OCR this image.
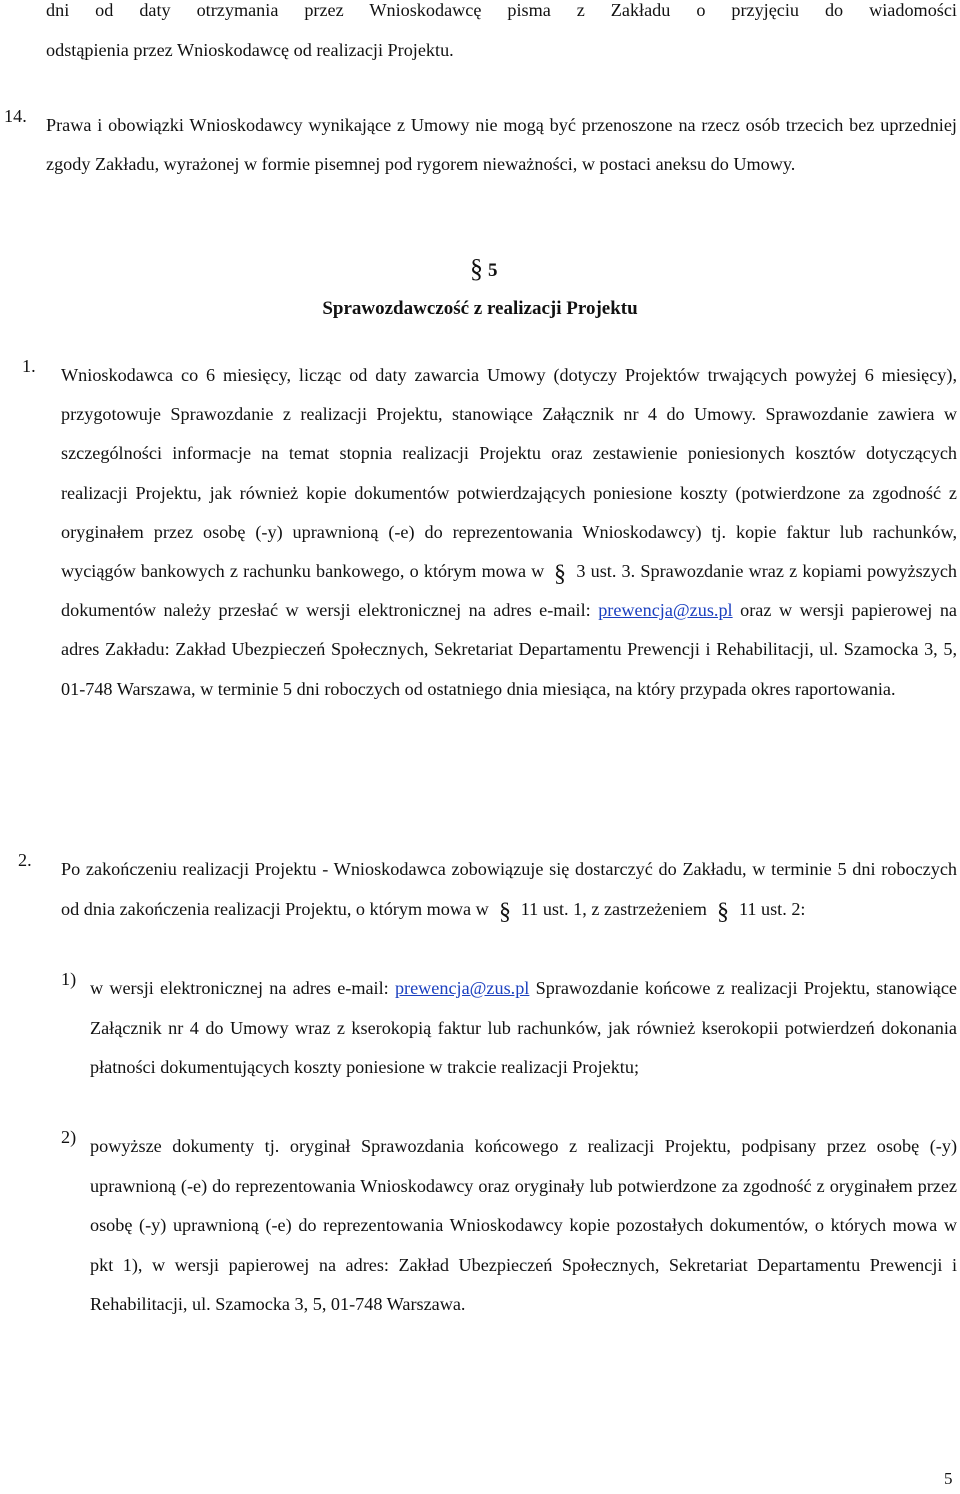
dni od daty otrzymania przez Wnioskodawcę pisma z Zakładu o przyjęciu do wiadomości
odstąpienia przez Wnioskodawcę od realizacji Projektu.
14. Prawa i obowiązki Wnioskodawcy wynikające z Umowy nie mogą być przenoszone na rzecz osób trzecich bez uprzedniej zgody Zakładu, wyrażonej w formie pisemnej pod rygorem nieważności, w postaci aneksu do Umowy.

§ 5
Sprawozdawczość z realizacji Projektu
1. Wnioskodawca co 6 miesięcy, licząc od daty zawarcia Umowy (dotyczy Projektów trwających powyżej 6 miesięcy), przygotowuje Sprawozdanie z realizacji Projektu, stanowiące Załącznik nr 4 do Umowy. Sprawozdanie zawiera w szczególności informacje na temat stopnia realizacji Projektu oraz zestawienie poniesionych kosztów dotyczących realizacji Projektu, jak również kopie dokumentów potwierdzających poniesione koszty (potwierdzone za zgodność z oryginałem przez osobę (-y) uprawnioną (-e) do reprezentowania Wnioskodawcy) tj. kopie faktur lub rachunków, wyciągów bankowych z rachunku bankowego, o którym mowa w § 3 ust. 3. Sprawozdanie wraz z kopiami powyższych dokumentów należy przesłać w wersji elektronicznej na adres e-mail: prewencja@zus.pl oraz w wersji papierowej na adres Zakładu: Zakład Ubezpieczeń Społecznych, Sekretariat Departamentu Prewencji i Rehabilitacji, ul. Szamocka 3, 5, 01-748 Warszawa, w terminie 5 dni roboczych od ostatniego dnia miesiąca, na który przypada okres raportowania.

2. Po zakończeniu realizacji Projektu - Wnioskodawca zobowiązuje się dostarczyć do Zakładu, w terminie 5 dni roboczych od dnia zakończenia realizacji Projektu, o którym mowa w § 11 ust. 1, z zastrzeżeniem § 11 ust. 2:

1) w wersji elektronicznej na adres e-mail: prewencja@zus.pl Sprawozdanie końcowe z realizacji Projektu, stanowiące Załącznik nr 4 do Umowy wraz z kserokopią faktur lub rachunków, jak również kserokopii potwierdzeń dokonania płatności dokumentujących koszty poniesione w trakcie realizacji Projektu;

2) powyższe dokumenty tj. oryginał Sprawozdania końcowego z realizacji Projektu, podpisany przez osobę (-y) uprawnioną (-e) do reprezentowania Wnioskodawcy oraz oryginały lub potwierdzone za zgodność z oryginałem przez osobę (-y) uprawnioną (-e) do reprezentowania Wnioskodawcy kopie pozostałych dokumentów, o których mowa w pkt 1), w wersji papierowej na adres: Zakład Ubezpieczeń Społecznych, Sekretariat Departamentu Prewencji i Rehabilitacji, ul. Szamocka 3, 5, 01-748 Warszawa.

5
